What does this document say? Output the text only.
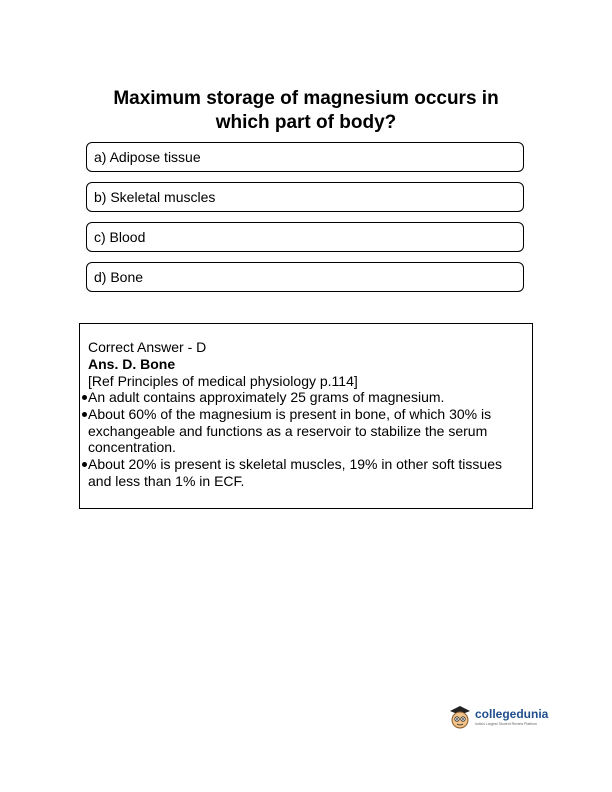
Maximum storage of magnesium occurs in
which part of body?
a) Adipose tissue
b) Skeletal muscles
c) Blood
d) Bone
Correct Answer - D
Ans. D. Bone
[Ref Principles of medical physiology p.114]
An adult contains approximately 25 grams of magnesium.
About 60% of the magnesium is present in bone, of which 30% is
exchangeable and functions as a reservoir to stabilize the serum
concentration.
About 20% is present is skeletal muscles, 19% in other soft tissues
and less than 1% in ECF.
collegedunia
India's Largest Student Review Platform
